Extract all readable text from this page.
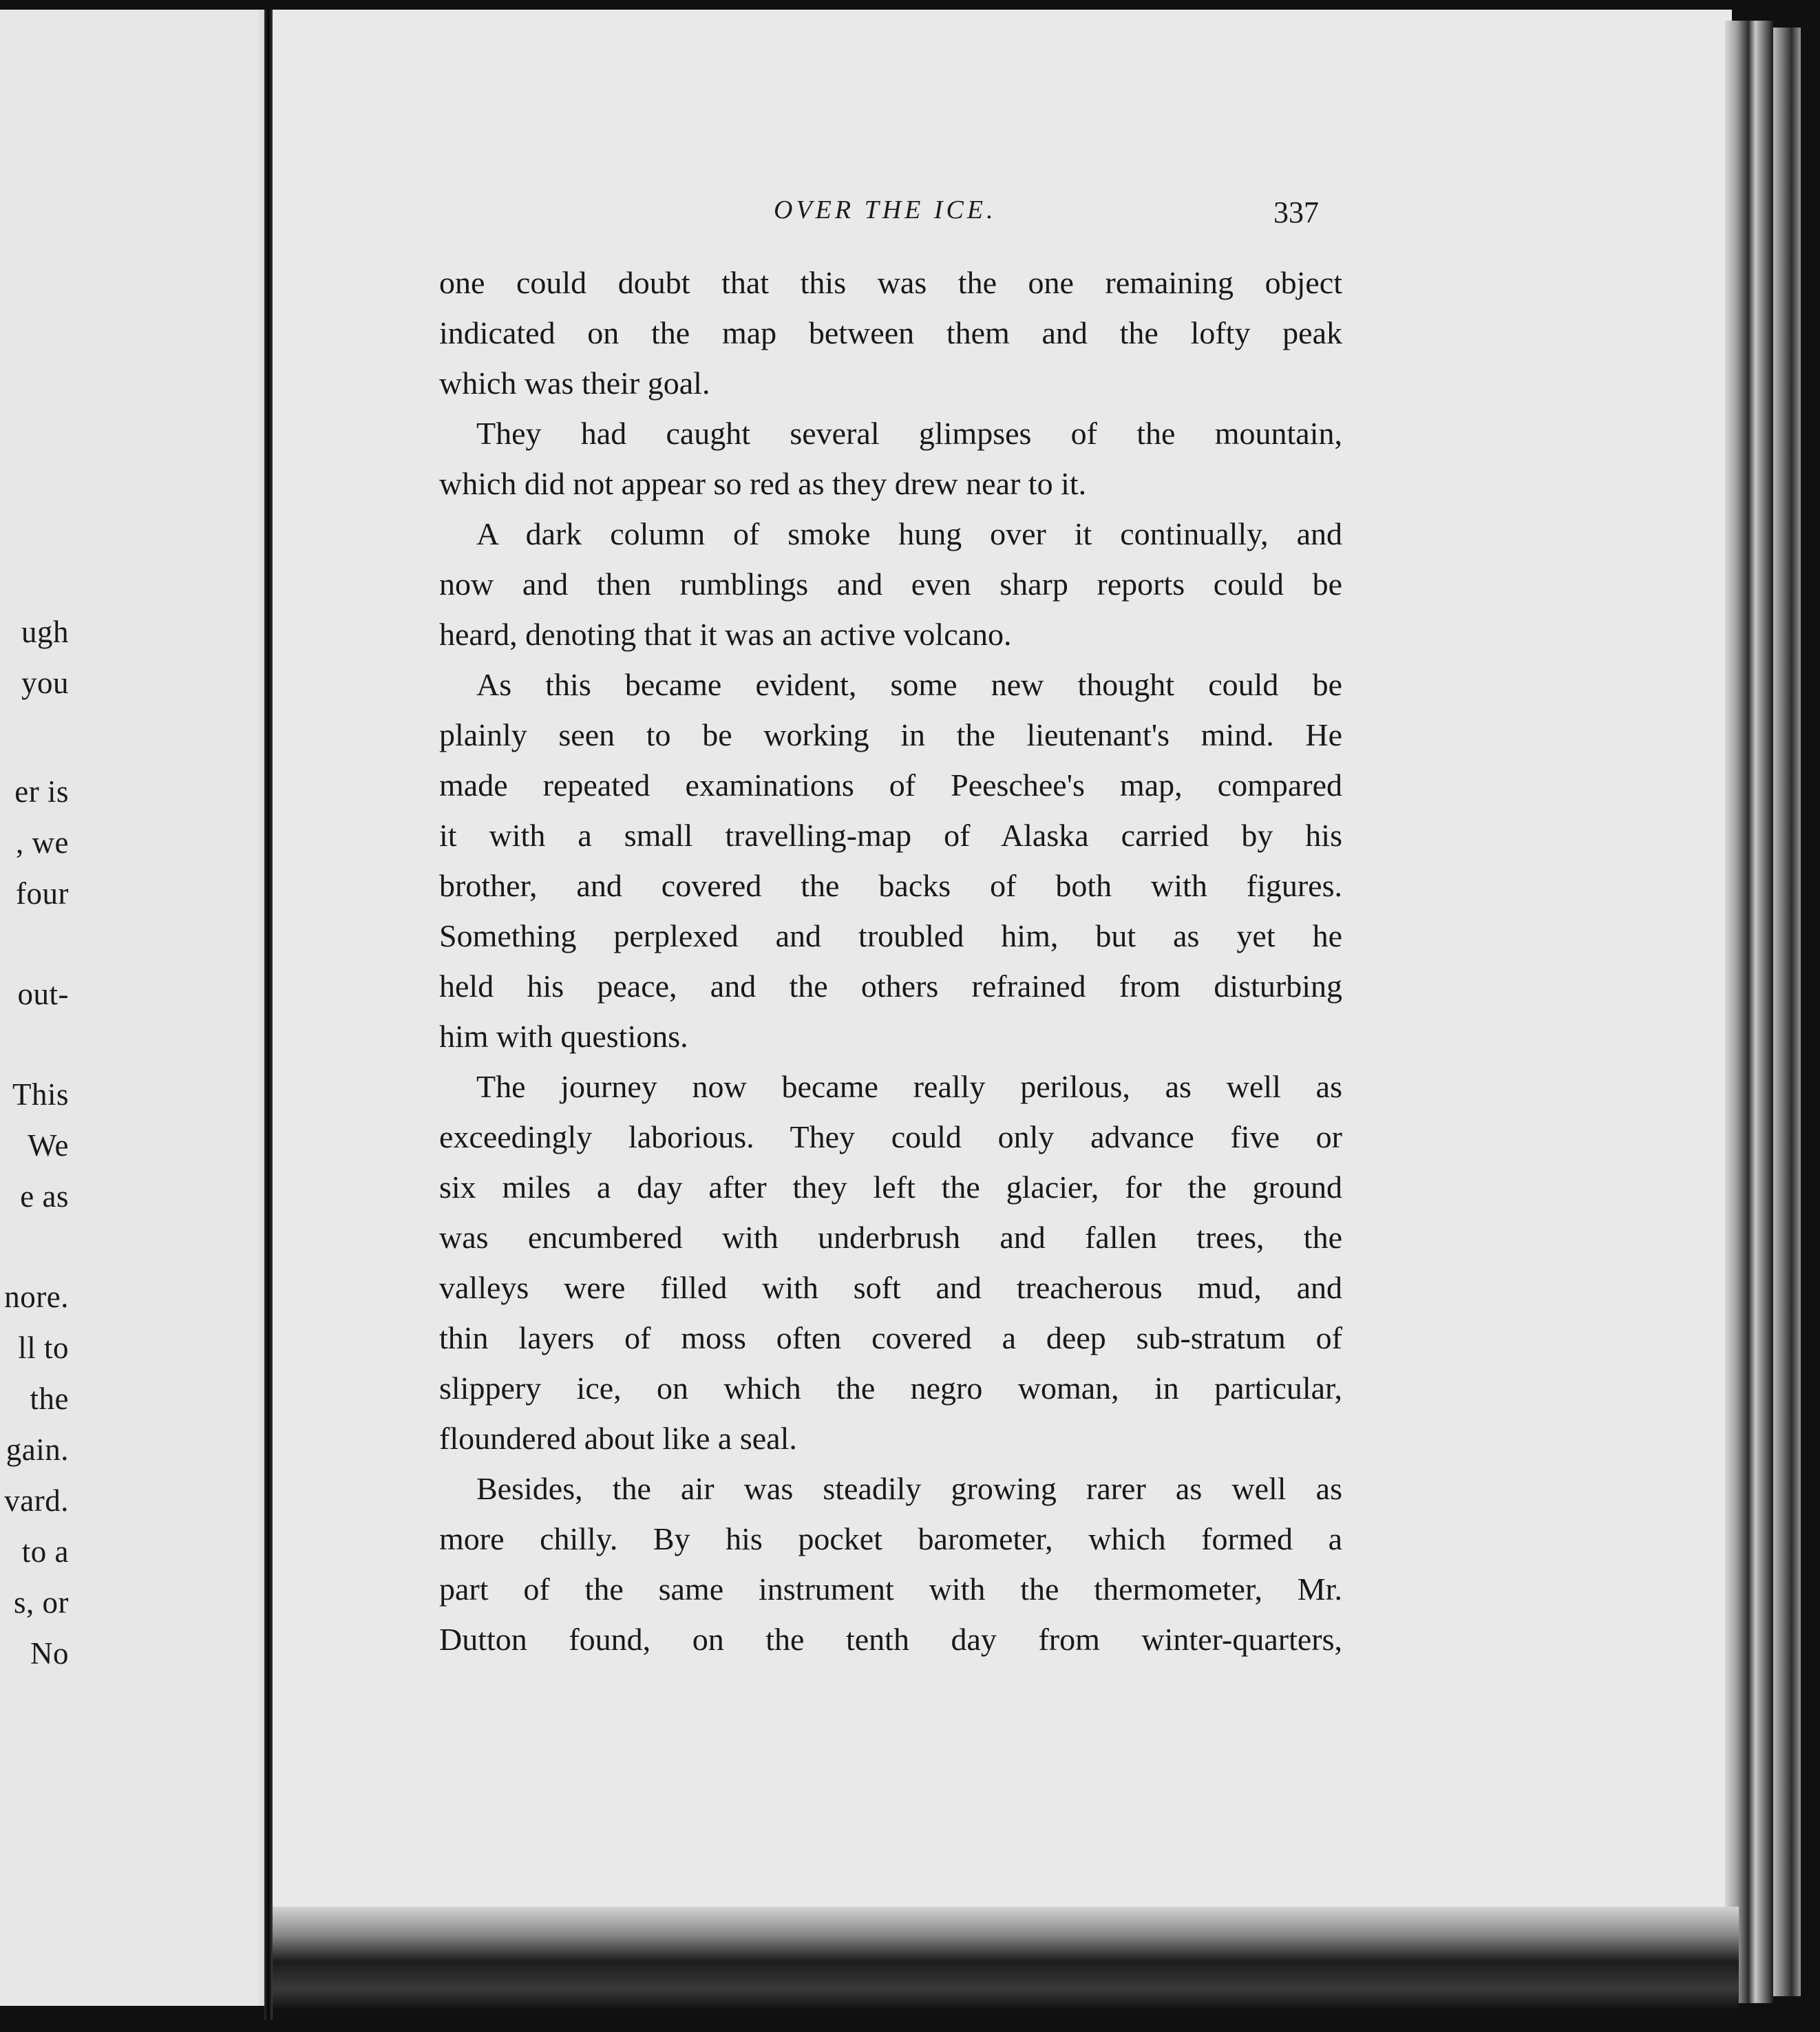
ugh
you
er is
, we
four
out-
This
We
e as
nore.
ll to
the
gain.
vard.
to a
s, or
No
OVER THE ICE.	337
one could doubt that this was the one remaining object
indicated on the map between them and the lofty peak
which was their goal.
They had caught several glimpses of the mountain,
which did not appear so red as they drew near to it.
A dark column of smoke hung over it continually, and
now and then rumblings and even sharp reports could be
heard, denoting that it was an active volcano.
As this became evident, some new thought could be
plainly seen to be working in the lieutenant's mind. He
made repeated examinations of Peeschee's map, compared
it with a small travelling-map of Alaska carried by his
brother, and covered the backs of both with figures.
Something perplexed and troubled him, but as yet he
held his peace, and the others refrained from disturbing
him with questions.
The journey now became really perilous, as well as
exceedingly laborious. They could only advance five or
six miles a day after they left the glacier, for the ground
was encumbered with underbrush and fallen trees, the
valleys were filled with soft and treacherous mud, and
thin layers of moss often covered a deep sub-stratum of
slippery ice, on which the negro woman, in particular,
floundered about like a seal.
Besides, the air was steadily growing rarer as well as
more chilly. By his pocket barometer, which formed a
part of the same instrument with the thermometer, Mr.
Dutton found, on the tenth day from winter-quarters,
